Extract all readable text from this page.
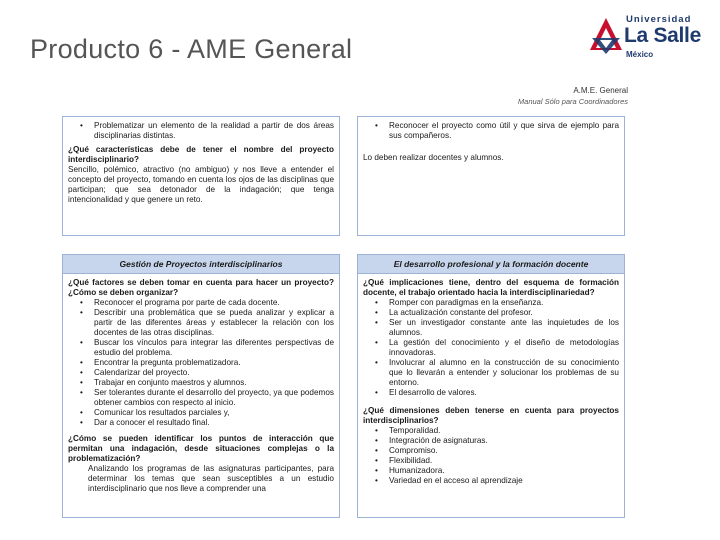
Producto 6 - AME General
Universidad
La Salle
México
A.M.E. General
Manual Sólo para Coordinadores
• Problematizar un elemento de la realidad a partir de dos áreas disciplinarias distintas.

¿Qué características debe de tener el nombre del proyecto interdisciplinario?

Sencillo, polémico, atractivo (no ambiguo) y nos lleve a entender el concepto del proyecto, tomando en cuenta los ojos de las disciplinas que participan; que sea detonador de la indagación; que tenga intencionalidad y que genere un reto.

• Reconocer el proyecto como útil y que sirva de ejemplo para sus compañeros.

Lo deben realizar docentes y alumnos.

Gestión de Proyectos interdisciplinarios

¿Qué factores se deben tomar en cuenta para hacer un proyecto? ¿Cómo se deben organizar?

• Reconocer el programa por parte de cada docente.
• Describir una problemática que se pueda analizar y explicar a partir de las diferentes áreas y establecer la relación con los docentes de las otras disciplinas.
• Buscar los vínculos para integrar las diferentes perspectivas de estudio del problema.
• Encontrar la pregunta problematizadora.
• Calendarizar del proyecto.
• Trabajar en conjunto maestros y alumnos.
• Ser tolerantes durante el desarrollo del proyecto, ya que podemos obtener cambios con respecto al inicio.
• Comunicar los resultados parciales y,
• Dar a conocer el resultado final.

¿Cómo se pueden identificar los puntos de interacción que permitan una indagación, desde situaciones complejas o la problematización?

Analizando los programas de las asignaturas participantes, para determinar los temas que sean susceptibles a un estudio interdisciplinario que nos lleve a comprender una

El desarrollo profesional y la formación docente

¿Qué implicaciones tiene, dentro del esquema de formación docente, el trabajo orientado hacia la interdisciplinariedad?

• Romper con paradigmas en la enseñanza.
• La actualización constante del profesor.
• Ser un investigador constante ante las inquietudes de los alumnos.
• La gestión del conocimiento y el diseño de metodologías innovadoras.
• Involucrar al alumno en la construcción de su conocimiento que lo llevarán a entender y solucionar los problemas de su entorno.
• El desarrollo de valores.

¿Qué dimensiones deben tenerse en cuenta para proyectos interdisciplinarios?

• Temporalidad.
• Integración de asignaturas.
• Compromiso.
• Flexibilidad.
• Humanizadora.
• Variedad en el acceso al aprendizaje
